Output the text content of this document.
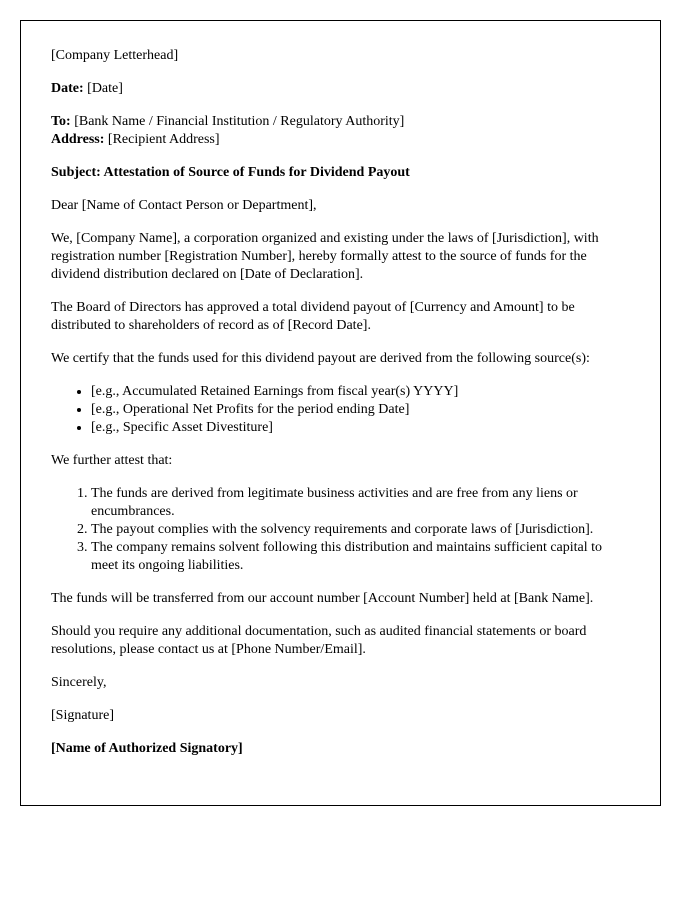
[Company Letterhead]

Date: [Date]

To: [Bank Name / Financial Institution / Regulatory Authority]

Address: [Recipient Address]

Subject: Attestation of Source of Funds for Dividend Payout

Dear [Name of Contact Person or Department],

We, [Company Name], a corporation organized and existing under the laws of [Jurisdiction], with registration number [Registration Number], hereby formally attest to the source of funds for the dividend distribution declared on [Date of Declaration].

The Board of Directors has approved a total dividend payout of [Currency and Amount] to be distributed to shareholders of record as of [Record Date].

We certify that the funds used for this dividend payout are derived from the following source(s):

• [e.g., Accumulated Retained Earnings from fiscal year(s) YYYY]
• [e.g., Operational Net Profits for the period ending Date]
• [e.g., Specific Asset Divestiture]

We further attest that:

1. The funds are derived from legitimate business activities and are free from any liens or encumbrances.
2. The payout complies with the solvency requirements and corporate laws of [Jurisdiction].
3. The company remains solvent following this distribution and maintains sufficient capital to meet its ongoing liabilities.

The funds will be transferred from our account number [Account Number] held at [Bank Name].

Should you require any additional documentation, such as audited financial statements or board resolutions, please contact us at [Phone Number/Email].

Sincerely,

[Signature]

[Name of Authorized Signatory]
